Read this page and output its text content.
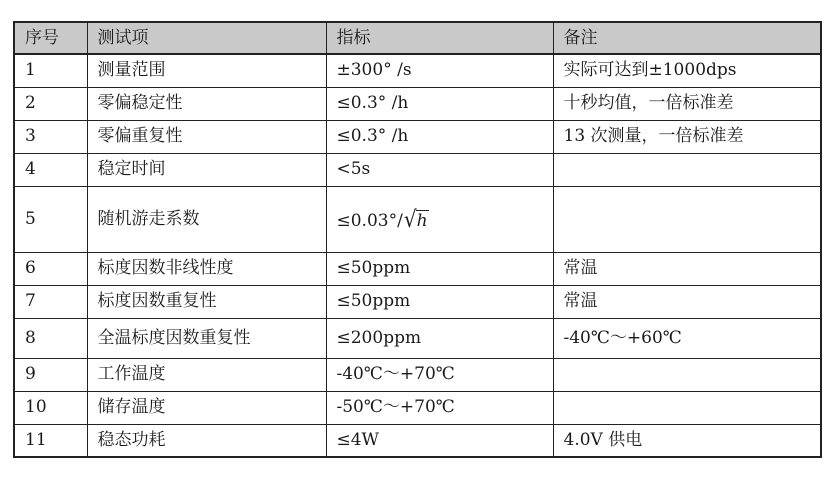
序号	测试项	指标	备注
1	测量范围	±300° /s	实际可达到±1000dps
2	零偏稳定性	≤0.3° /h	十秒均值，一倍标准差
3	零偏重复性	≤0.3° /h	13 次测量，一倍标准差
4	稳定时间	<5s	
5	随机游走系数	≤0.03°/√h	
6	标度因数非线性度	≤50ppm	常温
7	标度因数重复性	≤50ppm	常温
8	全温标度因数重复性	≤200ppm	-40℃～+60℃
9	工作温度	-40℃～+70℃	
10	储存温度	-50℃～+70℃	
11	稳态功耗	≤4W	4.0V 供电
